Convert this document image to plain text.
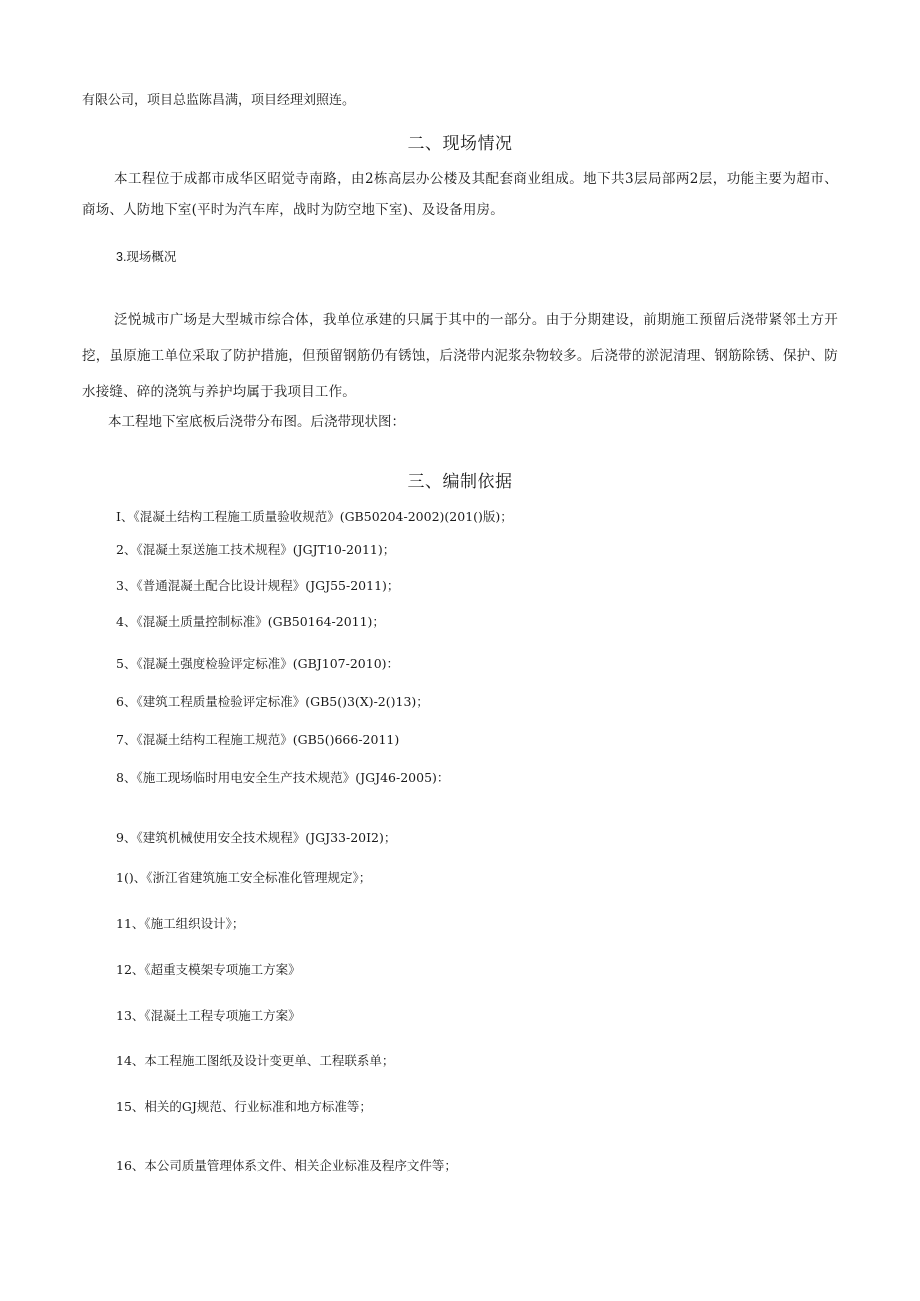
有限公司，项目总监陈昌满，项目经理刘照连。
二、现场情况
本工程位于成都市成华区昭觉寺南路，由2栋高层办公楼及其配套商业组成。地下共3层局部两2层，功能主要为超市、商场、人防地下室(平时为汽车库，战时为防空地下室)、及设备用房。
3.现场概况
泛悦城市广场是大型城市综合体，我单位承建的只属于其中的一部分。由于分期建设，前期施工预留后浇带紧邻土方开挖，虽原施工单位采取了防护措施，但预留钢筋仍有锈蚀，后浇带内泥浆杂物较多。后浇带的淤泥清理、钢筋除锈、保护、防水接缝、碎的浇筑与养护均属于我项目工作。
本工程地下室底板后浇带分布图。后浇带现状图：
三、编制依据
I、《混凝土结构工程施工质量验收规范》(GB50204-2002)(201()版)；
2、《混凝土泵送施工技术规程》(JGJT10-2011)；
3、《普通混凝土配合比设计规程》(JGJ55-2011)；
4、《混凝土质量控制标准》(GB50164-2011)；
5、《混凝土强度检验评定标准》(GBJ107-2010)：
6、《建筑工程质量检验评定标准》(GB5()3(X)-2()13)；
7、《混凝土结构工程施工规范》(GB5()666-2011)
8、《施工现场临时用电安全生产技术规范》(JGJ46-2005)：
9、《建筑机械使用安全技术规程》(JGJ33-20I2)；
1()、《浙江省建筑施工安全标准化管理规定》；
11、《施工组织设计》；
12、《超重支模架专项施工方案》
13、《混凝土工程专项施工方案》
14、本工程施工图纸及设计变更单、工程联系单；
15、相关的GJ规范、行业标准和地方标准等；
16、本公司质量管理体系文件、相关企业标准及程序文件等；
